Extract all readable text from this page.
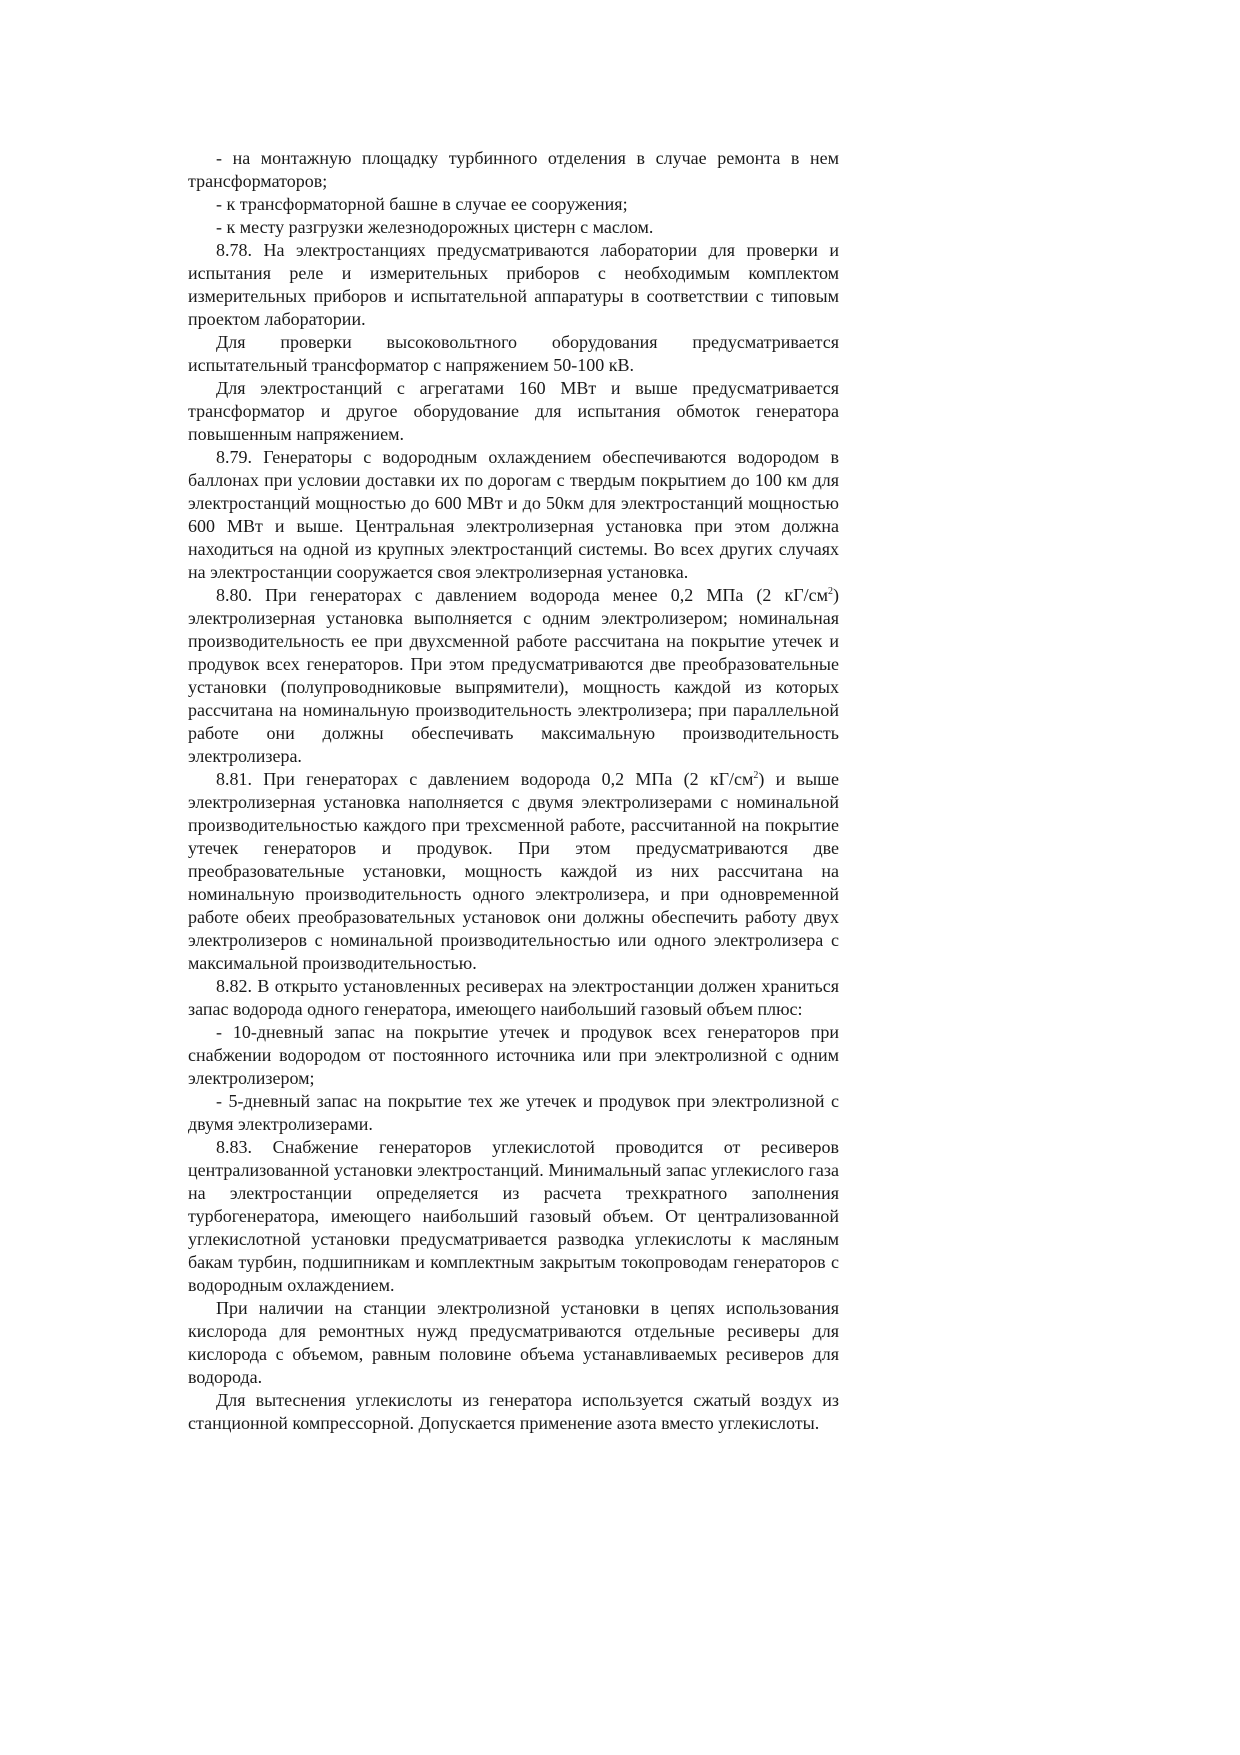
- на монтажную площадку турбинного отделения в случае ремонта в нем трансформаторов;

- к трансформаторной башне в случае ее сооружения;

- к месту разгрузки железнодорожных цистерн с маслом.

8.78. На электростанциях предусматриваются лаборатории для проверки и испытания реле и измерительных приборов с необходимым комплектом измерительных приборов и испытательной аппаратуры в соответствии с типовым проектом лаборатории.

Для проверки высоковольтного оборудования предусматривается испытательный трансформатор с напряжением 50-100 кВ.

Для электростанций с агрегатами 160 МВт и выше предусматривается трансформатор и другое оборудование для испытания обмоток генератора повышенным напряжением.

8.79. Генераторы с водородным охлаждением обеспечиваются водородом в баллонах при условии доставки их по дорогам с твердым покрытием до 100 км для электростанций мощностью до 600 МВт и до 50км для электростанций мощностью 600 МВт и выше. Центральная электролизерная установка при этом должна находиться на одной из крупных электростанций системы. Во всех других случаях на электростанции сооружается своя электролизерная установка.

8.80. При генераторах с давлением водорода менее 0,2 МПа (2 $кГ/см^2$) электролизерная установка выполняется с одним электролизером; номинальная производительность ее при двухсменной работе рассчитана на покрытие утечек и продувок всех генераторов. При этом предусматриваются две преобразовательные установки (полупроводниковые выпрямители), мощность каждой из которых рассчитана на номинальную производительность электролизера; при параллельной работе они должны обеспечивать максимальную производительность электролизера.

8.81. При генераторах с давлением водорода 0,2 МПа (2 $кГ/см^2$) и выше электролизерная установка наполняется с двумя электролизерами с номинальной производительностью каждого при трехсменной работе, рассчитанной на покрытие утечек генераторов и продувок. При этом предусматриваются две преобразовательные установки, мощность каждой из них рассчитана на номинальную производительность одного электролизера, и при одновременной работе обеих преобразовательных установок они должны обеспечить работу двух электролизеров с номинальной производительностью или одного электролизера с максимальной производительностью.

8.82. В открыто установленных ресиверах на электростанции должен храниться запас водорода одного генератора, имеющего наибольший газовый объем плюс:

- 10-дневный запас на покрытие утечек и продувок всех генераторов при снабжении водородом от постоянного источника или при электролизной с одним электролизером;

- 5-дневный запас на покрытие тех же утечек и продувок при электролизной с двумя электролизерами.

8.83. Снабжение генераторов углекислотой проводится от ресиверов централизованной установки электростанций. Минимальный запас углекислого газа на электростанции определяется из расчета трехкратного заполнения турбогенератора, имеющего наибольший газовый объем. От централизованной углекислотной установки предусматривается разводка углекислоты к масляным бакам турбин, подшипникам и комплектным закрытым токопроводам генераторов с водородным охлаждением.

При наличии на станции электролизной установки в цепях использования кислорода для ремонтных нужд предусматриваются отдельные ресиверы для кислорода с объемом, равным половине объема устанавливаемых ресиверов для водорода.

Для вытеснения углекислоты из генератора используется сжатый воздух из станционной компрессорной. Допускается применение азота вместо углекислоты.
